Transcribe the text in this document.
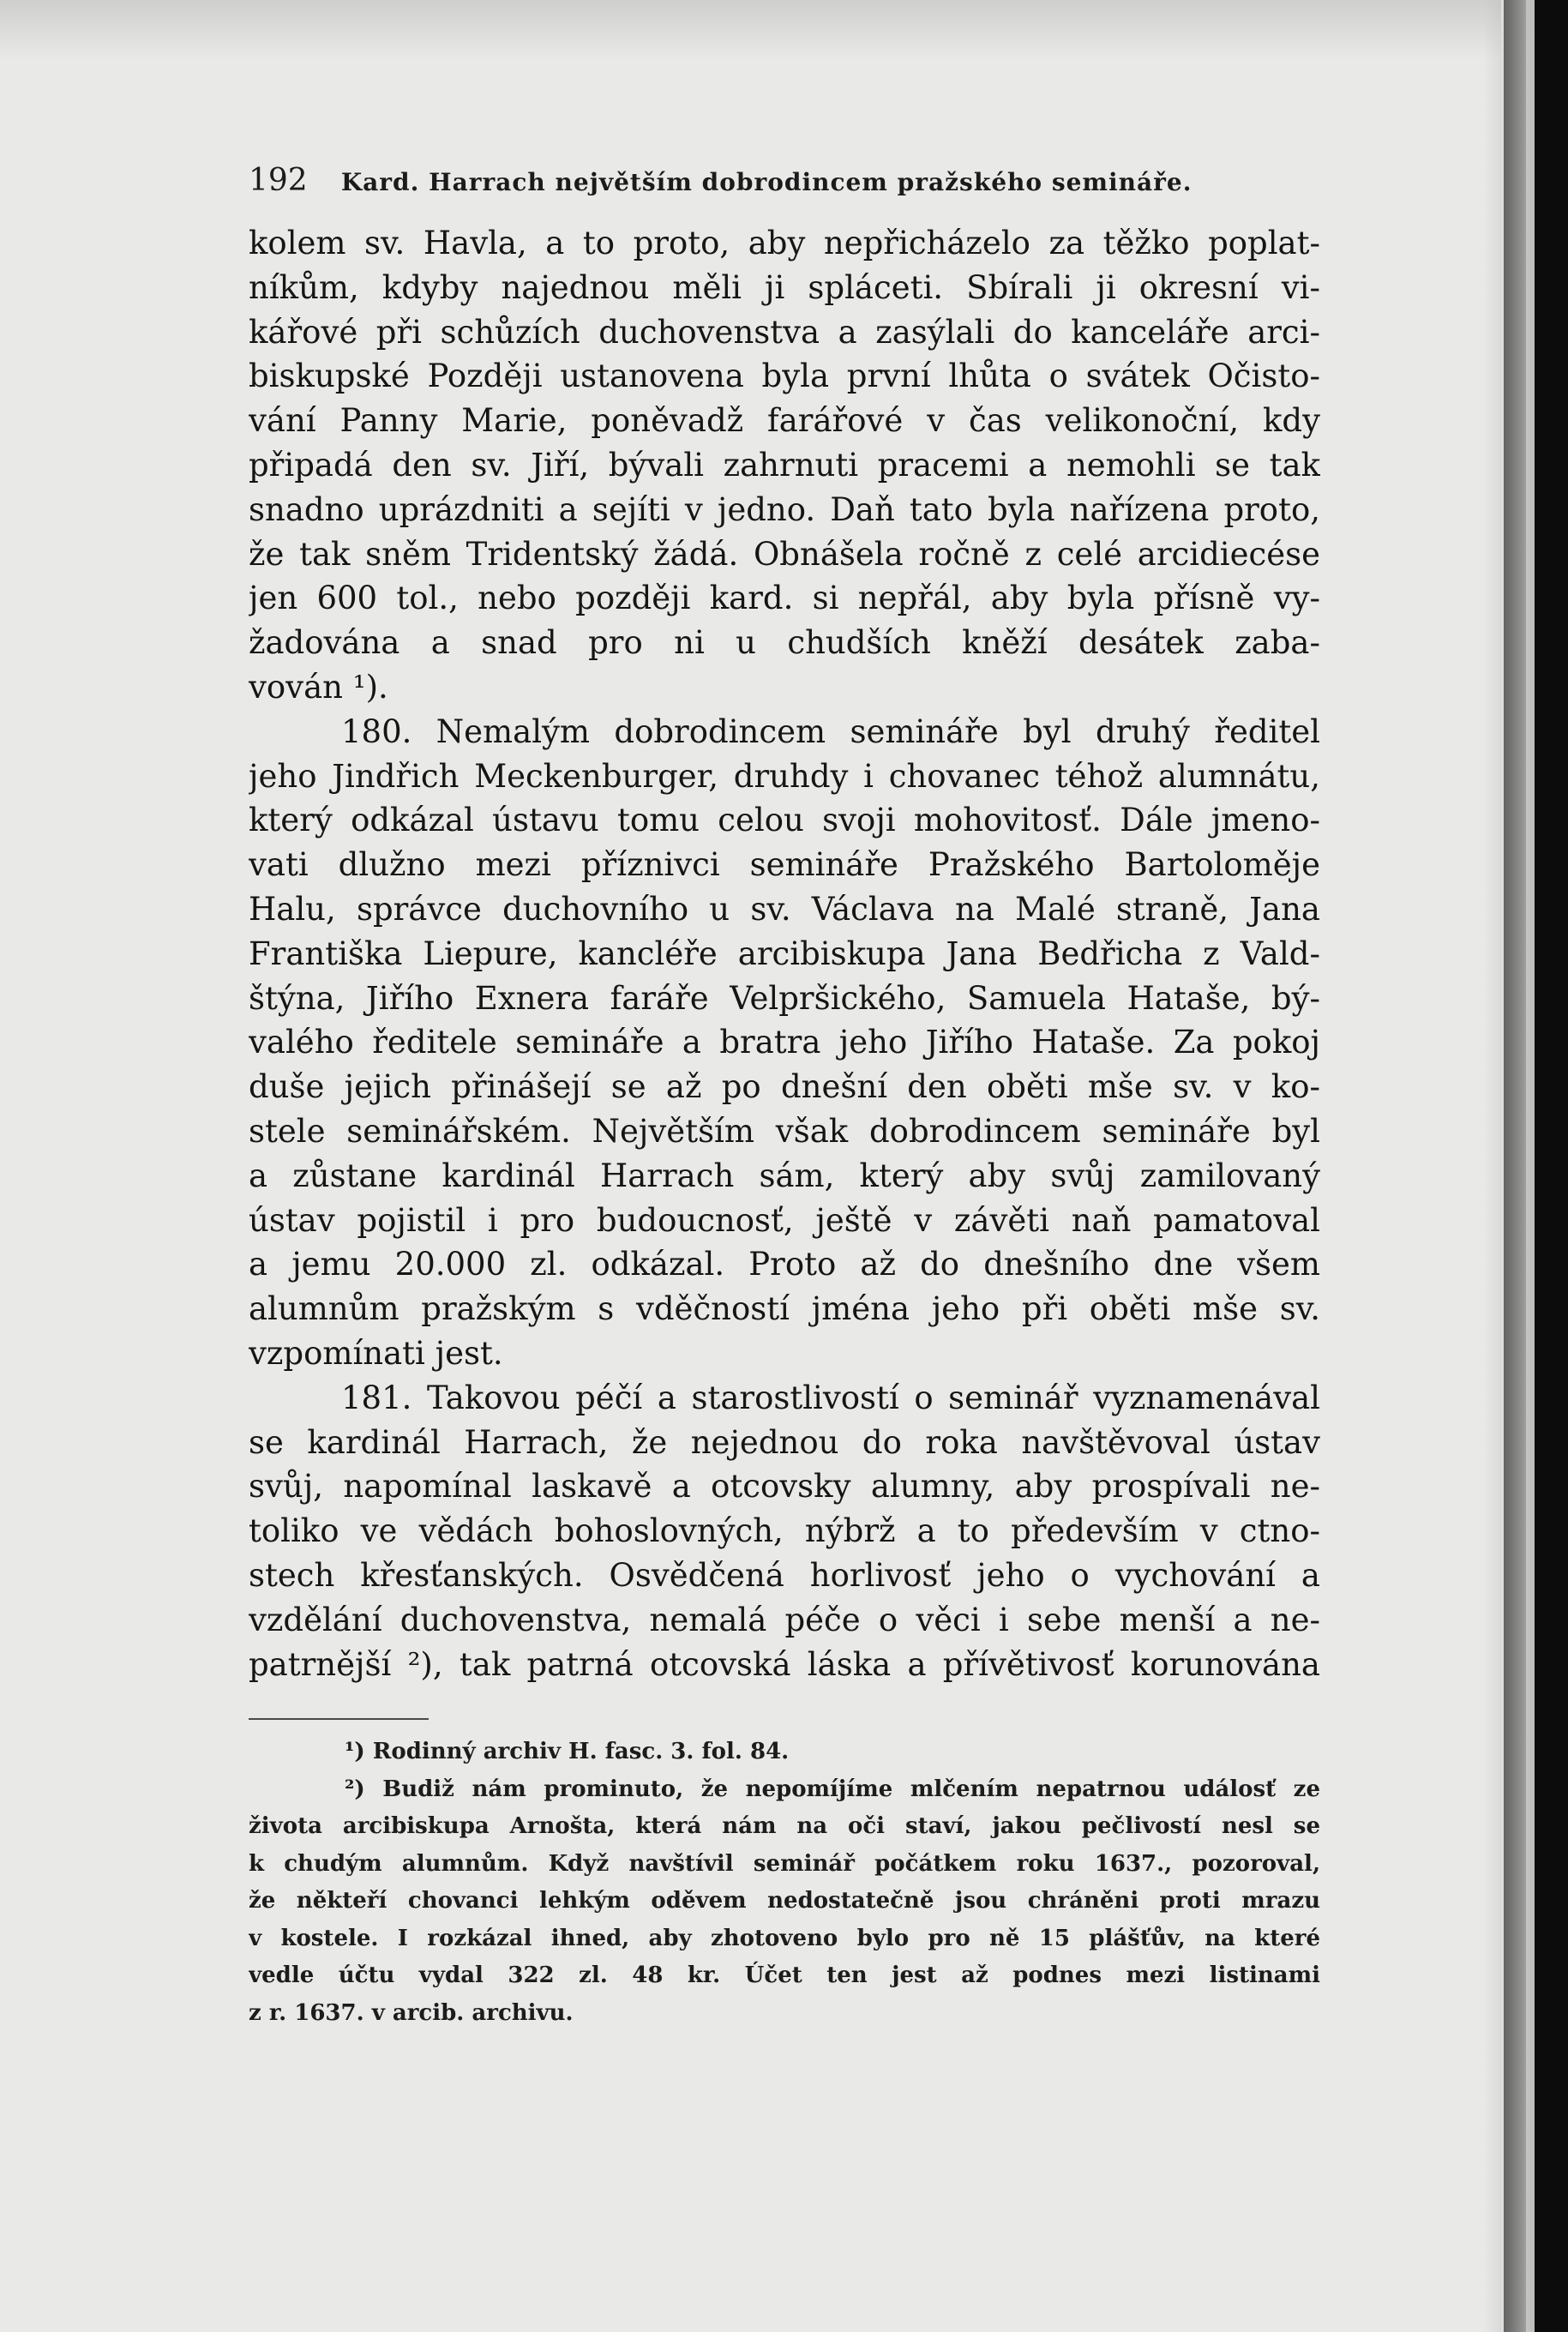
192 Kard. Harrach největším dobrodincem pražského semináře.
kolem sv. Havla, a to proto, aby nepřicházelo za těžko poplat-
níkům, kdyby najednou měli ji spláceti. Sbírali ji okresní vi-
kářové při schůzích duchovenstva a zasýlali do kanceláře arci-
biskupské Později ustanovena byla první lhůta o svátek Očisto-
vání Panny Marie, poněvadž farářové v čas velikonoční, kdy
připadá den sv. Jiří, bývali zahrnuti pracemi a nemohli se tak
snadno uprázdniti a sejíti v jedno. Daň tato byla nařízena proto,
že tak sněm Tridentský žádá. Obnášela ročně z celé arcidiecése
jen 600 tol., nebo později kard. si nepřál, aby byla přísně vy-
žadována a snad pro ni u chudších kněží desátek zaba-
vován ¹).
180. Nemalým dobrodincem semináře byl druhý ředitel
jeho Jindřich Meckenburger, druhdy i chovanec téhož alumnátu,
který odkázal ústavu tomu celou svoji mohovitosť. Dále jmeno-
vati dlužno mezi příznivci semináře Pražského Bartoloměje
Halu, správce duchovního u sv. Václava na Malé straně, Jana
Františka Liepure, kancléře arcibiskupa Jana Bedřicha z Vald-
štýna, Jiřího Exnera faráře Velpršického, Samuela Hataše, bý-
valého ředitele semináře a bratra jeho Jiřího Hataše. Za pokoj
duše jejich přinášejí se až po dnešní den oběti mše sv. v ko-
stele seminářském. Největším však dobrodincem semináře byl
a zůstane kardinál Harrach sám, který aby svůj zamilovaný
ústav pojistil i pro budoucnosť, ještě v závěti naň pamatoval
a jemu 20.000 zl. odkázal. Proto až do dnešního dne všem
alumnům pražským s vděčností jména jeho při oběti mše sv.
vzpomínati jest.
181. Takovou péčí a starostlivostí o seminář vyznamenával
se kardinál Harrach, že nejednou do roka navštěvoval ústav
svůj, napomínal laskavě a otcovsky alumny, aby prospívali ne-
toliko ve vědách bohoslovných, nýbrž a to především v ctno-
stech křesťanských. Osvědčená horlivosť jeho o vychování a
vzdělání duchovenstva, nemalá péče o věci i sebe menší a ne-
patrnější ²), tak patrná otcovská láska a přívětivosť korunována
¹) Rodinný archiv H. fasc. 3. fol. 84.
²) Budiž nám prominuto, že nepomíjíme mlčením nepatrnou událosť ze
života arcibiskupa Arnošta, která nám na oči staví, jakou pečlivostí nesl se
k chudým alumnům. Když navštívil seminář počátkem roku 1637., pozoroval,
že někteří chovanci lehkým oděvem nedostatečně jsou chráněni proti mrazu
v kostele. I rozkázal ihned, aby zhotoveno bylo pro ně 15 plášťův, na které
vedle účtu vydal 322 zl. 48 kr. Účet ten jest až podnes mezi listinami
z r. 1637. v arcib. archivu.
